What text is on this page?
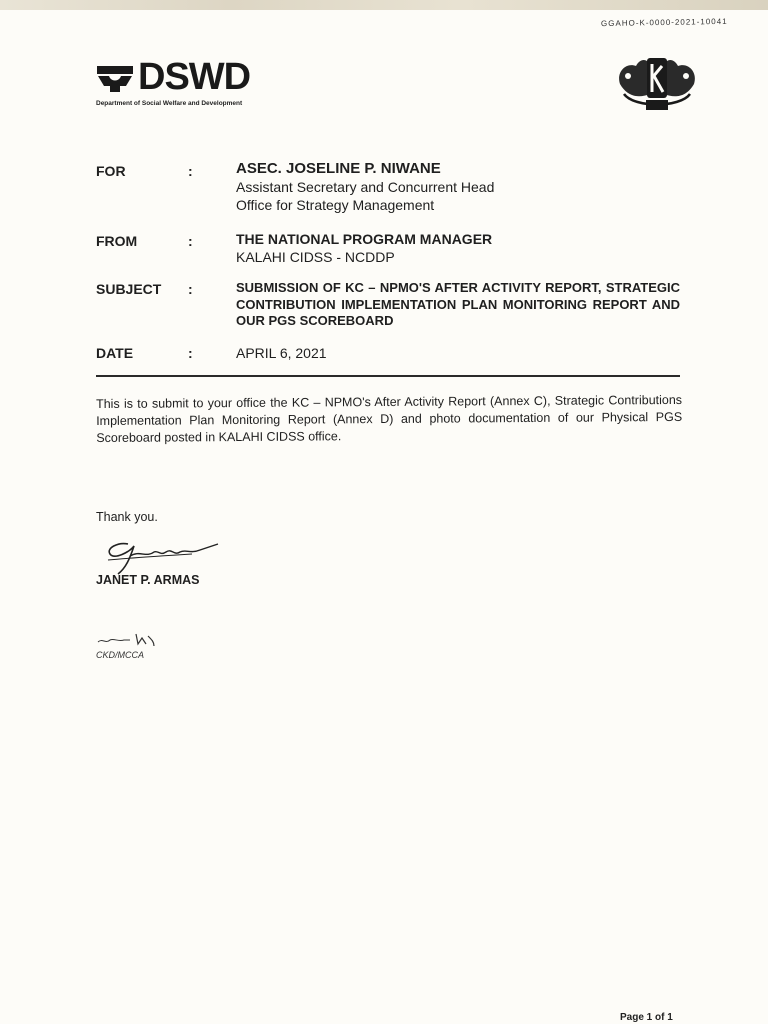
GGAHO-K-0000-2021-10041
DSWD
Department of Social Welfare and Development
FOR	:	ASEC. JOSELINE P. NIWANE
Assistant Secretary and Concurrent Head
Office for Strategy Management
FROM	:	THE NATIONAL PROGRAM MANAGER
KALAHI CIDSS - NCDDP
SUBJECT :	SUBMISSION OF KC – NPMO'S AFTER ACTIVITY REPORT, STRATEGIC CONTRIBUTION IMPLEMENTATION PLAN MONITORING REPORT AND OUR PGS SCOREBOARD
DATE	:	APRIL 6, 2021
This is to submit to your office the KC – NPMO's After Activity Report (Annex C), Strategic Contributions Implementation Plan Monitoring Report (Annex D) and photo documentation of our Physical PGS Scoreboard posted in KALAHI CIDSS office.
Thank you.
JANET P. ARMAS
CKD/MCCA
Page 1 of 1
